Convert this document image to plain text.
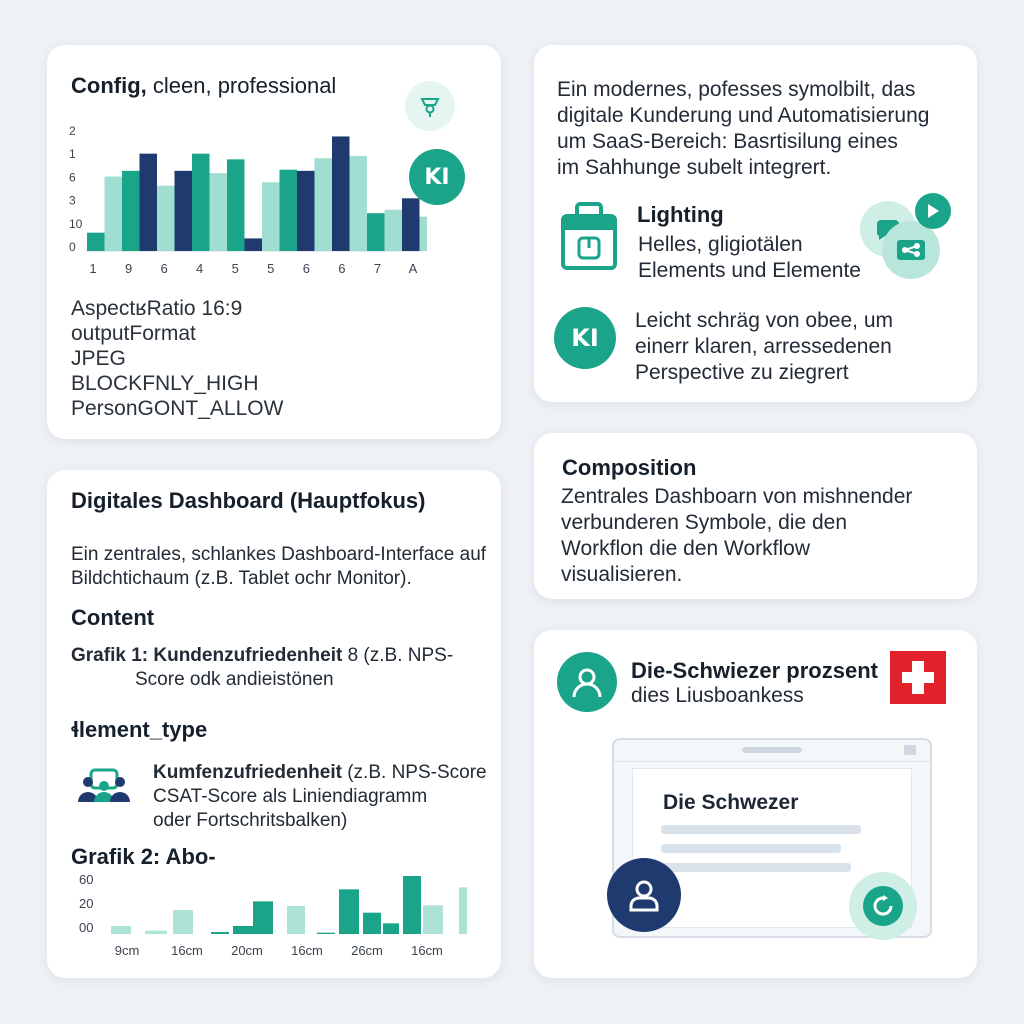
Config, cleen, professional
KI
2
1
6
3
10
0
1 9 6 4 5 5 6 6 7 A
AspectʁRatio 16:9
outputFormat
JPEG
BLOCKFNLY_HIGH
PersonGONT_ALLOW
Ein modernes, pofesses symolbilt, das
digitale Kunderung und Automatisierung
um SaaS-Bereich: Basrtisilung eines
im Sahhunge subelt integrert.
Lighting
Helles, gligiotälen
Elements und Elemente
KI
Leicht schräg von obee, um
einerr klaren, arressedenen
Perspective zu ziegrert
Digitales Dashboard (Hauptfokus)
Ein zentrales, schlankes Dashboard-Interface auf
Bildchtichaum (z.B. Tablet ochr Monitor).
Content
Grafik 1: Kundenzufriedenheit 8 (z.B. NPS-
Score odk andieistönen
ɬlement_type
Kumfenzufriedenheit (z.B. NPS-Score
CSAT-Score als Liniendiagramm
oder Fortschritsbalken)
Grafik 2: Abo-
60
20
00
9cm 16cm 20cm 16cm 26cm 16cm
Composition
Zentrales Dashboarn von mishnender
verbunderen Symbole, die den
Workflon die den Workflow
visualisieren.
Die-Schwiezer prozsent
dies Liusboankess
Die Schwezer
